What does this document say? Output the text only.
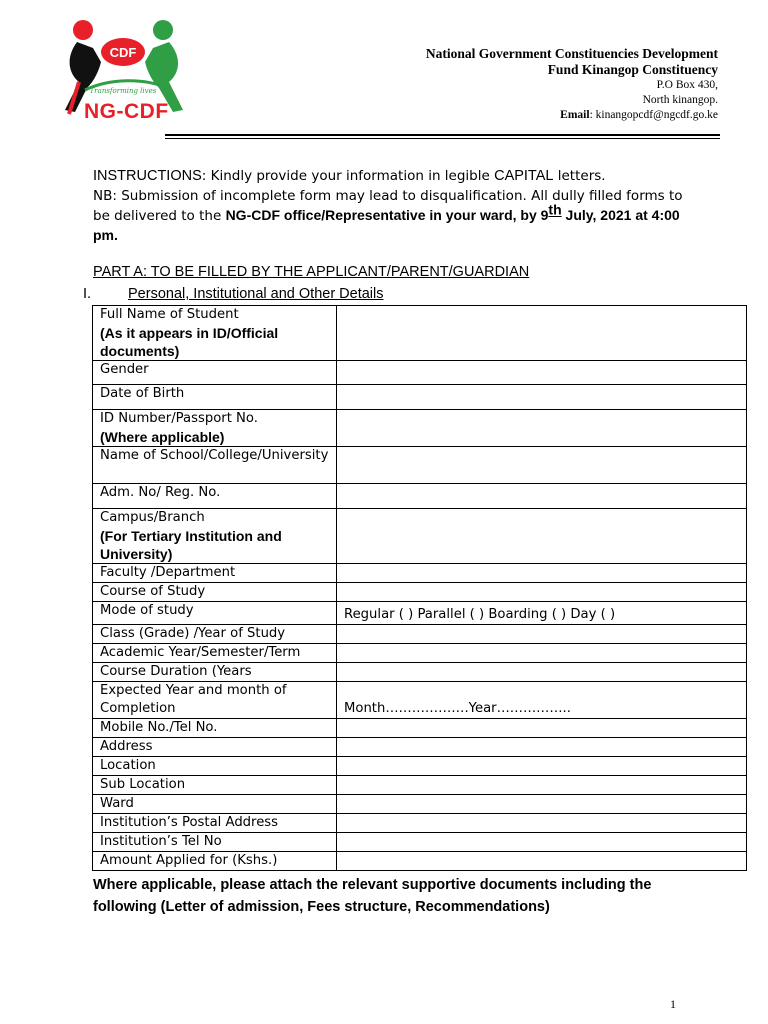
CDF
Transforming lives
NG-CDF
National Government Constituencies Development
Fund Kinangop Constituency
P.O Box 430,
North kinangop.
Email: kinangopcdf@ngcdf.go.ke
INSTRUCTIONS: Kindly provide your information in legible CAPITAL letters.
NB: Submission of incomplete form may lead to disqualification. All dully filled forms to be delivered to the NG-CDF office/Representative in your ward, by 9th July, 2021 at 4:00 pm.
PART A: TO BE FILLED BY THE APPLICANT/PARENT/GUARDIAN
I.	Personal, Institutional and Other Details
Full Name of Student
(As it appears in ID/Official documents)	

Gender	

Date of Birth	

ID Number/Passport No.
(Where applicable)	

Name of School/College/University	

Adm. No/ Reg. No.	

Campus/Branch
(For Tertiary Institution and University)	

Faculty /Department	

Course of Study	

Mode of study	Regular ( ) Parallel ( ) Boarding ( ) Day ( )

Class (Grade) /Year of Study	

Academic Year/Semester/Term	

Course Duration (Years	

Expected Year and month of Completion	Month……………….Year……………..

Mobile No./Tel No.	

Address	

Location	

Sub Location	

Ward	

Institution’s Postal Address	

Institution’s Tel No	

Amount Applied for (Kshs.)	

Where applicable, please attach the relevant supportive documents including the following (Letter of admission, Fees structure, Recommendations)
1
